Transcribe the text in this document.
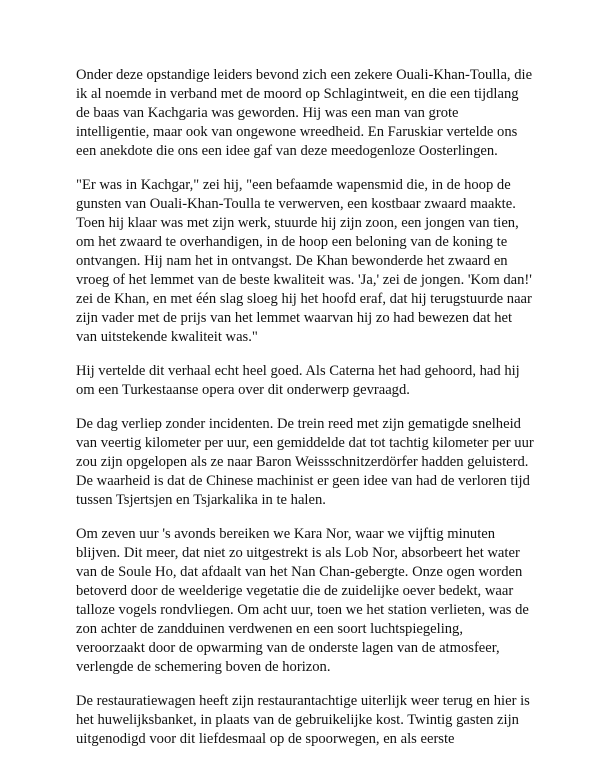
Onder deze opstandige leiders bevond zich een zekere Ouali-Khan-Toulla, die ik al noemde in verband met de moord op Schlagintweit, en die een tijdlang de baas van Kachgaria was geworden. Hij was een man van grote intelligentie, maar ook van ongewone wreedheid. En Faruskiar vertelde ons een anekdote die ons een idee gaf van deze meedogenloze Oosterlingen.

"Er was in Kachgar," zei hij, "een befaamde wapensmid die, in de hoop de gunsten van Ouali-Khan-Toulla te verwerven, een kostbaar zwaard maakte. Toen hij klaar was met zijn werk, stuurde hij zijn zoon, een jongen van tien, om het zwaard te overhandigen, in de hoop een beloning van de koning te ontvangen. Hij nam het in ontvangst. De Khan bewonderde het zwaard en vroeg of het lemmet van de beste kwaliteit was. 'Ja,' zei de jongen. 'Kom dan!' zei de Khan, en met één slag sloeg hij het hoofd eraf, dat hij terugstuurde naar zijn vader met de prijs van het lemmet waarvan hij zo had bewezen dat het van uitstekende kwaliteit was."

Hij vertelde dit verhaal echt heel goed. Als Caterna het had gehoord, had hij om een Turkestaanse opera over dit onderwerp gevraagd.

De dag verliep zonder incidenten. De trein reed met zijn gematigde snelheid van veertig kilometer per uur, een gemiddelde dat tot tachtig kilometer per uur zou zijn opgelopen als ze naar Baron Weissschnitzerdörfer hadden geluisterd. De waarheid is dat de Chinese machinist er geen idee van had de verloren tijd tussen Tsjertsjen en Tsjarkalika in te halen.

Om zeven uur 's avonds bereiken we Kara Nor, waar we vijftig minuten blijven. Dit meer, dat niet zo uitgestrekt is als Lob Nor, absorbeert het water van de Soule Ho, dat afdaalt van het Nan Chan-gebergte. Onze ogen worden betoverd door de weelderige vegetatie die de zuidelijke oever bedekt, waar talloze vogels rondvliegen. Om acht uur, toen we het station verlieten, was de zon achter de zandduinen verdwenen en een soort luchtspiegeling, veroorzaakt door de opwarming van de onderste lagen van de atmosfeer, verlengde de schemering boven de horizon.

De restauratiewagen heeft zijn restaurantachtige uiterlijk weer terug en hier is het huwelijksbanket, in plaats van de gebruikelijke kost. Twintig gasten zijn uitgenodigd voor dit liefdesmaal op de spoorwegen, en als eerste
